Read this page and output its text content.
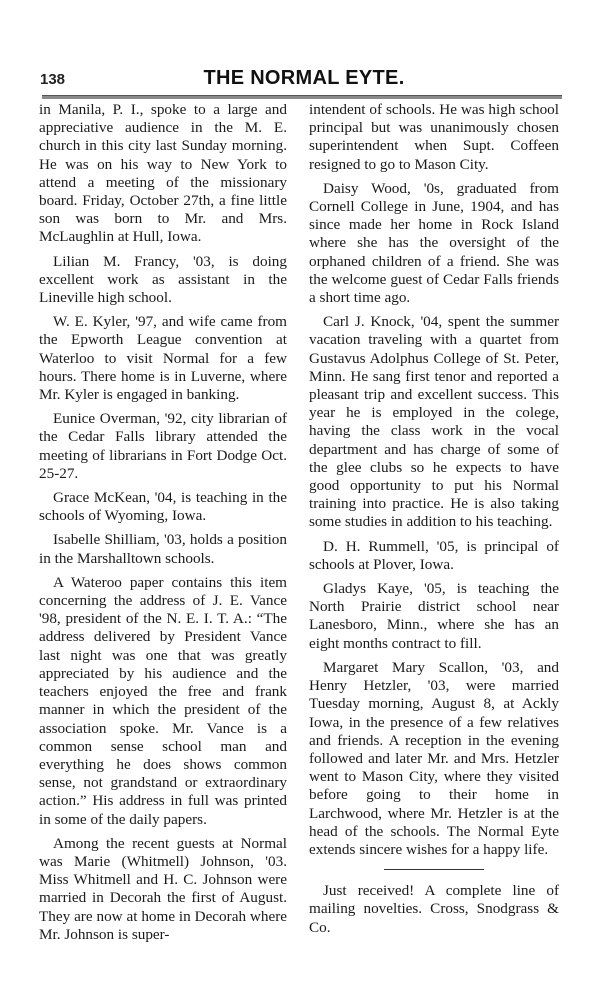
138	THE NORMAL EYTE.

in Manila, P. I., spoke to a large and appreciative audience in the M. E. church in this city last Sunday morning. He was on his way to New York to attend a meeting of the missionary board. Friday, October 27th, a fine little son was born to Mr. and Mrs. McLaughlin at Hull, Iowa.

Lilian M. Francy, '03, is doing excellent work as assistant in the Lineville high school.

W. E. Kyler, '97, and wife came from the Epworth League convention at Waterloo to visit Normal for a few hours. There home is in Luverne, where Mr. Kyler is engaged in banking.

Eunice Overman, '92, city librarian of the Cedar Falls library attended the meeting of librarians in Fort Dodge Oct. 25-27.

Grace McKean, '04, is teaching in the schools of Wyoming, Iowa.

Isabelle Shilliam, '03, holds a position in the Marshalltown schools.

A Wateroo paper contains this item concerning the address of J. E. Vance '98, president of the N. E. I. T. A.: “The address delivered by President Vance last night was one that was greatly appreciated by his audience and the teachers enjoyed the free and frank manner in which the president of the association spoke. Mr. Vance is a common sense school man and everything he does shows common sense, not grandstand or extraordinary action.” His address in full was printed in some of the daily papers.

Among the recent guests at Normal was Marie (Whitmell) Johnson, '03. Miss Whitmell and H. C. Johnson were married in Decorah the first of August. They are now at home in Decorah where Mr. Johnson is super-

intendent of schools. He was high school principal but was unanimously chosen superintendent when Supt. Coffeen resigned to go to Mason City.

Daisy Wood, '0s, graduated from Cornell College in June, 1904, and has since made her home in Rock Island where she has the oversight of the orphaned children of a friend. She was the welcome guest of Cedar Falls friends a short time ago.

Carl J. Knock, '04, spent the summer vacation traveling with a quartet from Gustavus Adolphus College of St. Peter, Minn. He sang first tenor and reported a pleasant trip and excellent success. This year he is employed in the colege, having the class work in the vocal department and has charge of some of the glee clubs so he expects to have good opportunity to put his Normal training into practice. He is also taking some studies in addition to his teaching.

D. H. Rummell, '05, is principal of schools at Plover, Iowa.

Gladys Kaye, '05, is teaching the North Prairie district school near Lanesboro, Minn., where she has an eight months contract to fill.

Margaret Mary Scallon, '03, and Henry Hetzler, '03, were married Tuesday morning, August 8, at Ackly Iowa, in the presence of a few relatives and friends. A reception in the evening followed and later Mr. and Mrs. Hetzler went to Mason City, where they visited before going to their home in Larchwood, where Mr. Hetzler is at the head of the schools. The Normal Eyte extends sincere wishes for a happy life.

Just received! A complete line of mailing novelties. Cross, Snodgrass & Co.
